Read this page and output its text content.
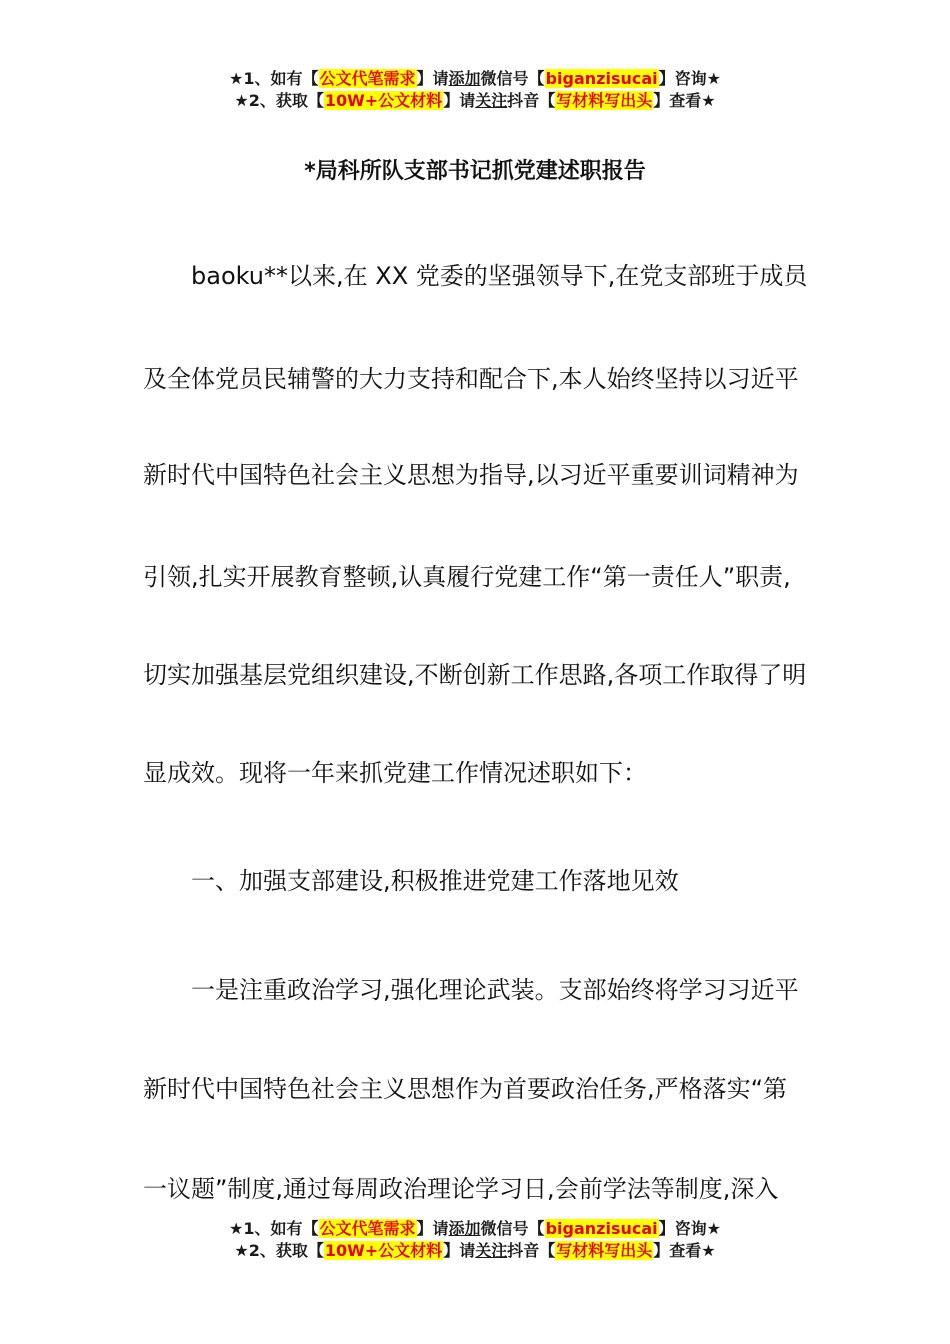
★1、如有【公文代笔需求】请添加微信号【biganzisucai】咨询★
★2、获取【10W+公文材料】请关注抖音【写材料写出头】查看★
*局科所队支部书记抓党建述职报告
baoku**以来,在 XX 党委的坚强领导下,在党支部班于成员
及全体党员民辅警的大力支持和配合下,本人始终坚持以习近平
新时代中国特色社会主义思想为指导,以习近平重要训词精神为
引领,扎实开展教育整顿,认真履行党建工作“第一责任人”职责,
切实加强基层党组织建设,不断创新工作思路,各项工作取得了明
显成效。现将一年来抓党建工作情况述职如下：
一、加强支部建设,积极推进党建工作落地见效
一是注重政治学习,强化理论武装。支部始终将学习习近平
新时代中国特色社会主义思想作为首要政治任务,严格落实“第
一议题”制度,通过每周政治理论学习日,会前学法等制度,深入
★1、如有【公文代笔需求】请添加微信号【biganzisucai】咨询★
★2、获取【10W+公文材料】请关注抖音【写材料写出头】查看★
